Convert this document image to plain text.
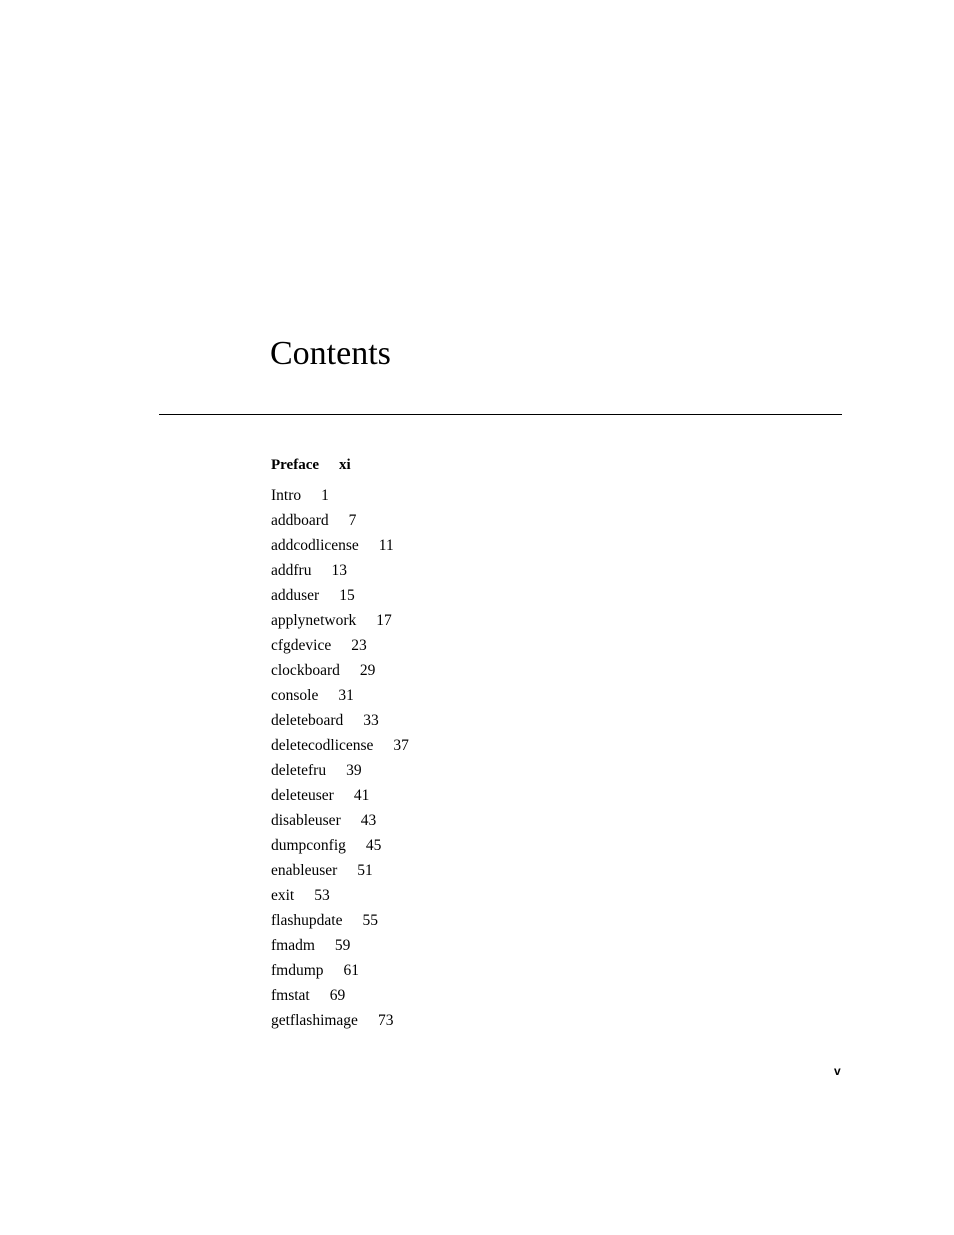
Contents
Preface xi
Intro 1
addboard 7
addcodlicense 11
addfru 13
adduser 15
applynetwork 17
cfgdevice 23
clockboard 29
console 31
deleteboard 33
deletecodlicense 37
deletefru 39
deleteuser 41
disableuser 43
dumpconfig 45
enableuser 51
exit 53
flashupdate 55
fmadm 59
fmdump 61
fmstat 69
getflashimage 73
v
